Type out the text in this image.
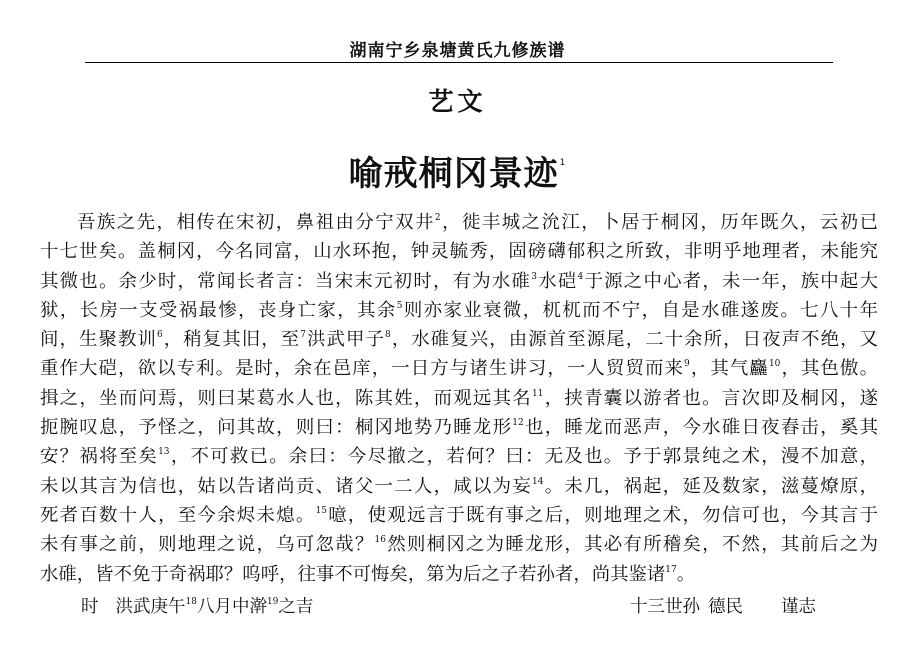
湖南宁乡泉塘黄氏九修族谱
艺文
喻戒桐冈景迹$^1$
吾族之先，相传在宋初，鼻祖由分宁双井$^2$，徙丰城之沇江，卜居于桐冈，历年既久，云礽已
十七世矣。盖桐冈，今名同富，山水环抱，钟灵毓秀，固磅礴郁积之所致，非明乎地理者，未能究
其微也。余少时，常闻长者言：当宋末元初时，有为水碓$^3$水硙$^4$于源之中心者，未一年，族中起大
狱，长房一支受祸最惨，丧身亡家，其余$^5$则亦家业衰微，杌杌而不宁，自是水碓遂废。七八十年
间，生聚教训$^6$，稍复其旧，至$^7$洪武甲子$^8$，水碓复兴，由源首至源尾，二十余所，日夜声不绝，又
重作大硙，欲以专利。是时，余在邑庠，一日方与诸生讲习，一人贸贸而来$^9$，其气麤$^{10}$，其色傲。
揖之，坐而问焉，则曰某葛水人也，陈其姓，而观远其名$^{11}$，挟青囊以游者也。言次即及桐冈，遂
扼腕叹息，予怪之，问其故，则曰：桐冈地势乃睡龙形$^{12}$也，睡龙而恶声，今水碓日夜舂击，奚其
安？祸将至矣$^{13}$，不可救已。余曰：今尽撤之，若何？曰：无及也。予于郭景纯之术，漫不加意，
未以其言为信也，姑以告诸尚贡、诸父一二人，咸以为妄$^{14}$。未几，祸起，延及数家，滋蔓燎原，
死者百数十人，至今余烬未熄。$^{15}$噫，使观远言于既有事之后，则地理之术，勿信可也，今其言于
未有事之前，则地理之说，乌可忽哉？$^{16}$然则桐冈之为睡龙形，其必有所稽矣，不然，其前后之为
水碓，皆不免于奇祸耶？呜呼，往事不可悔矣，第为后之子若孙者，尚其鉴诸$^{17}$。
时 洪武庚午$^{18}$八月中澣$^{19}$之吉	十三世孙 德民 谨志
